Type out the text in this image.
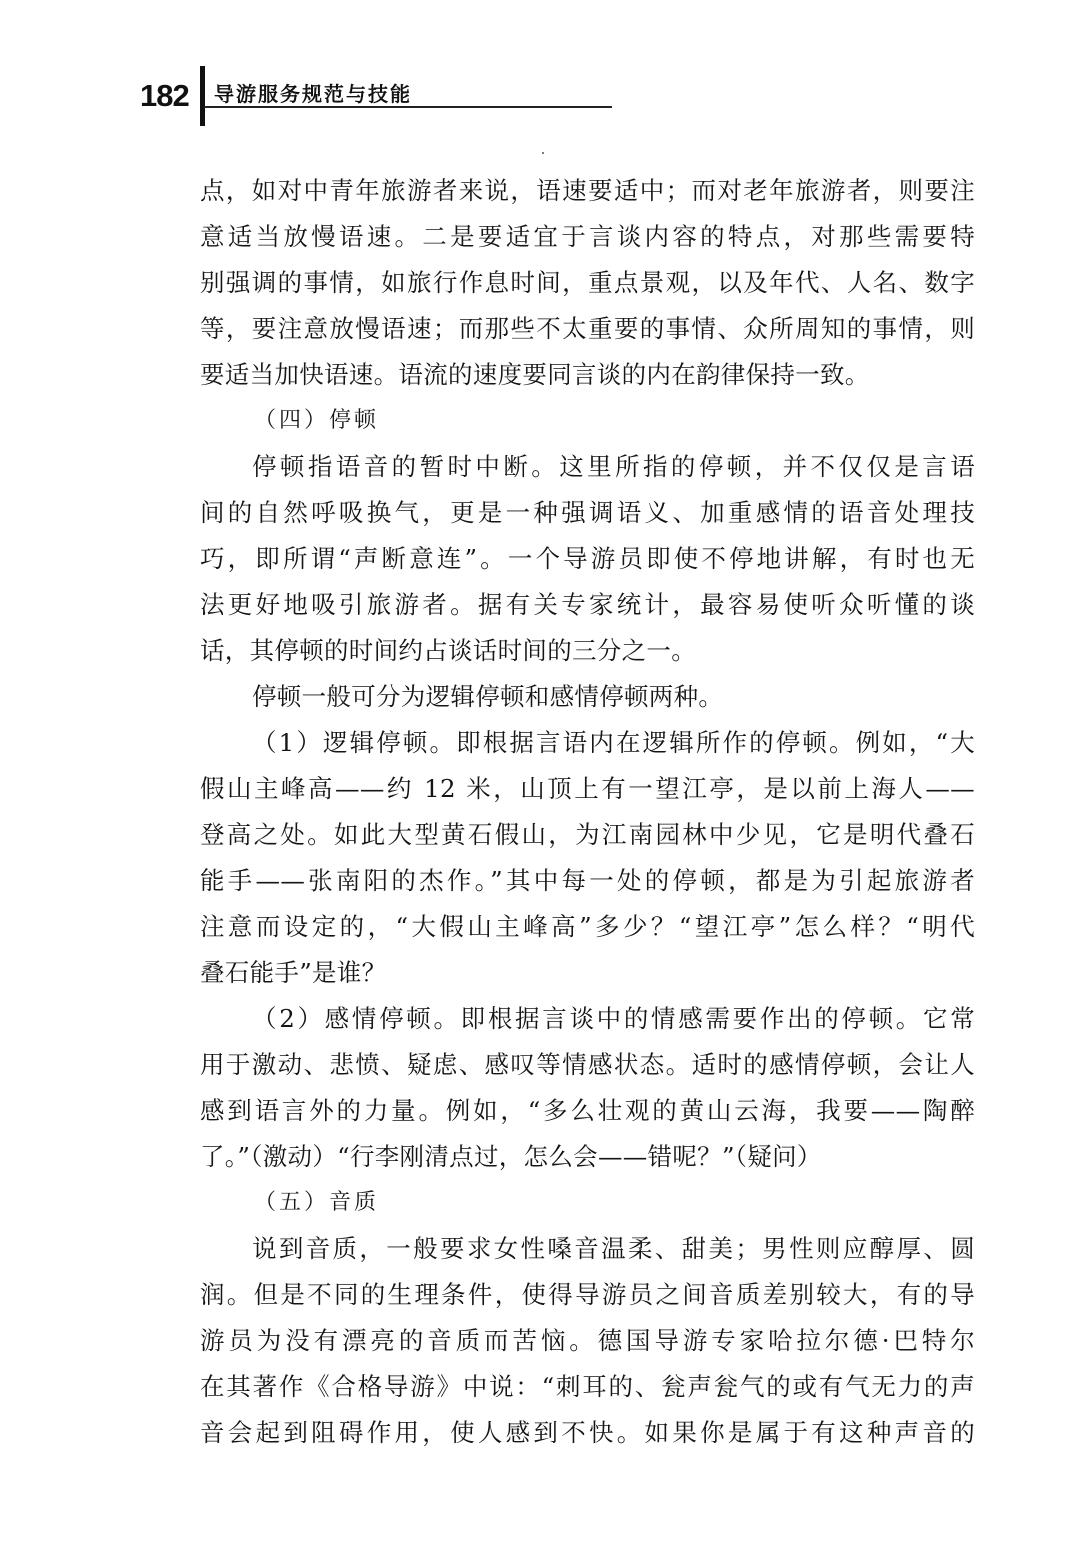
182 导游服务规范与技能
点，如对中青年旅游者来说，语速要适中；而对老年旅游者，则要注
意适当放慢语速。二是要适宜于言谈内容的特点，对那些需要特
别强调的事情，如旅行作息时间，重点景观，以及年代、人名、数字
等，要注意放慢语速；而那些不太重要的事情、众所周知的事情，则
要适当加快语速。语流的速度要同言谈的内在韵律保持一致。
（四）停顿
停顿指语音的暂时中断。这里所指的停顿，并不仅仅是言语
间的自然呼吸换气，更是一种强调语义、加重感情的语音处理技
巧，即所谓“声断意连”。一个导游员即使不停地讲解，有时也无
法更好地吸引旅游者。据有关专家统计，最容易使听众听懂的谈
话，其停顿的时间约占谈话时间的三分之一。
停顿一般可分为逻辑停顿和感情停顿两种。
（1）逻辑停顿。即根据言语内在逻辑所作的停顿。例如，“大
假山主峰高——约 12 米，山顶上有一望江亭，是以前上海人——
登高之处。如此大型黄石假山，为江南园林中少见，它是明代叠石
能手——张南阳的杰作。”其中每一处的停顿，都是为引起旅游者
注意而设定的，“大假山主峰高”多少？“望江亭”怎么样？“明代
叠石能手”是谁？
（2）感情停顿。即根据言谈中的情感需要作出的停顿。它常
用于激动、悲愤、疑虑、感叹等情感状态。适时的感情停顿，会让人
感到语言外的力量。例如，“多么壮观的黄山云海，我要——陶醉
了。”（激动）“行李刚清点过，怎么会——错呢？”（疑问）
（五）音质
说到音质，一般要求女性嗓音温柔、甜美；男性则应醇厚、圆
润。但是不同的生理条件，使得导游员之间音质差别较大，有的导
游员为没有漂亮的音质而苦恼。德国导游专家哈拉尔德·巴特尔
在其著作《合格导游》中说：“刺耳的、瓮声瓮气的或有气无力的声
音会起到阻碍作用，使人感到不快。如果你是属于有这种声音的
